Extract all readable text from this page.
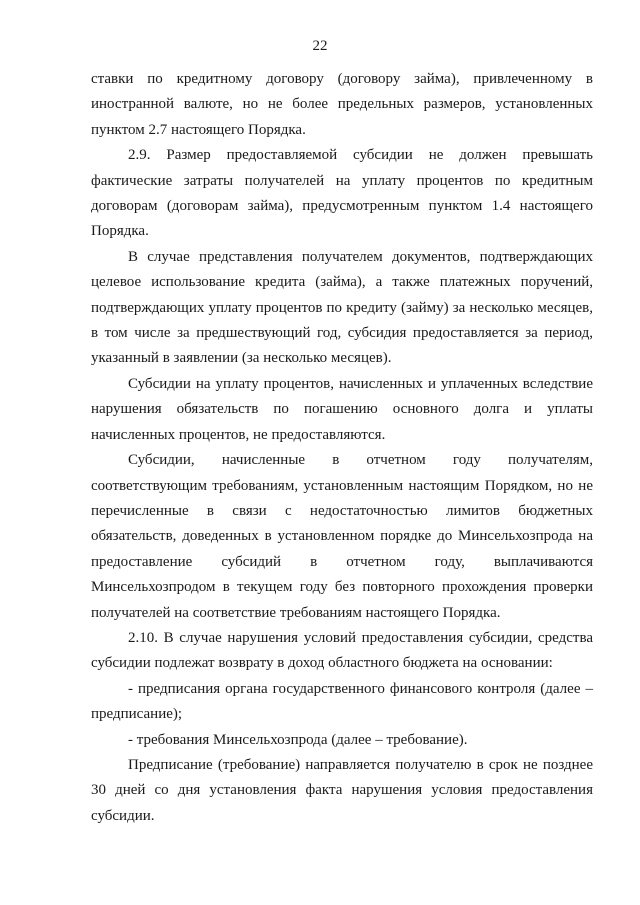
22

ставки по кредитному договору (договору займа), привлеченному в иностранной валюте, но не более предельных размеров, установленных пунктом 2.7 настоящего Порядка.

2.9. Размер предоставляемой субсидии не должен превышать фактические затраты получателей на уплату процентов по кредитным договорам (договорам займа), предусмотренным пунктом 1.4 настоящего Порядка.

В случае представления получателем документов, подтверждающих целевое использование кредита (займа), а также платежных поручений, подтверждающих уплату процентов по кредиту (займу) за несколько месяцев, в том числе за предшествующий год, субсидия предоставляется за период, указанный в заявлении (за несколько месяцев).

Субсидии на уплату процентов, начисленных и уплаченных вследствие нарушения обязательств по погашению основного долга и уплаты начисленных процентов, не предоставляются.

Субсидии, начисленные в отчетном году получателям, соответствующим требованиям, установленным настоящим Порядком, но не перечисленные в связи с недостаточностью лимитов бюджетных обязательств, доведенных в установленном порядке до Минсельхозпрода на предоставление субсидий в отчетном году, выплачиваются Минсельхозпродом в текущем году без повторного прохождения проверки получателей на соответствие требованиям настоящего Порядка.

2.10. В случае нарушения условий предоставления субсидии, средства субсидии подлежат возврату в доход областного бюджета на основании:

- предписания органа государственного финансового контроля (далее – предписание);

- требования Минсельхозпрода (далее – требование).

Предписание (требование) направляется получателю в срок не позднее 30 дней со дня установления факта нарушения условия предоставления субсидии.
